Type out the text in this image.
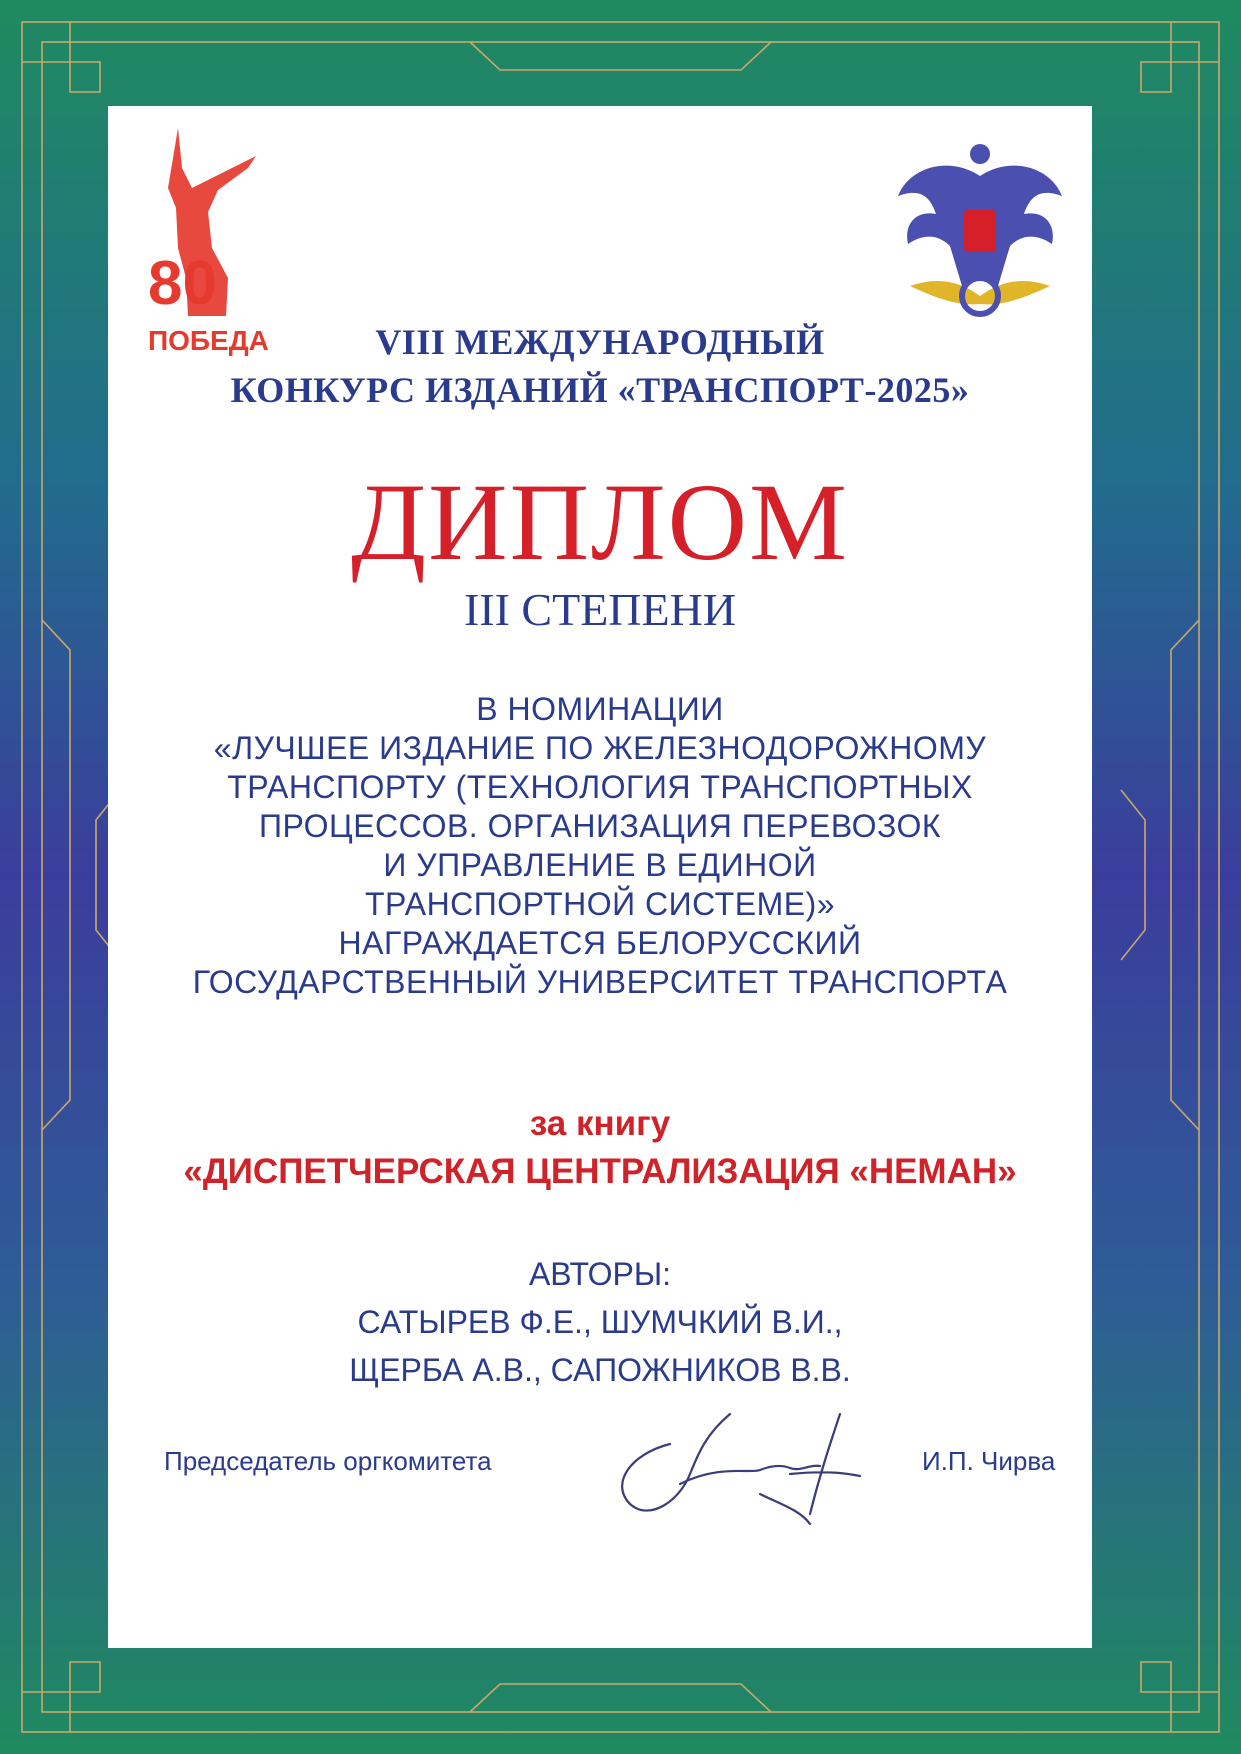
80
ПОБЕДА!	VIII МЕЖДУНАРОДНЫЙ
КОНКУРС ИЗДАНИЙ «ТРАНСПОРТ-2025»
ДИПЛОМ
III СТЕПЕНИ
В НОМИНАЦИИ
«ЛУЧШЕЕ ИЗДАНИЕ ПО ЖЕЛЕЗНОДОРОЖНОМУ
ТРАНСПОРТУ (ТЕХНОЛОГИЯ ТРАНСПОРТНЫХ
ПРОЦЕССОВ. ОРГАНИЗАЦИЯ ПЕРЕВОЗОК
И УПРАВЛЕНИЕ В ЕДИНОЙ
ТРАНСПОРТНОЙ СИСТЕМЕ)»
НАГРАЖДАЕТСЯ БЕЛОРУССКИЙ
ГОСУДАРСТВЕННЫЙ УНИВЕРСИТЕТ ТРАНСПОРТА
за книгу
«ДИСПЕТЧЕРСКАЯ ЦЕНТРАЛИЗАЦИЯ «НЕМАН»
АВТОРЫ:
САТЫРЕВ Ф.Е., ШУМЧКИЙ В.И.,
ЩЕРБА А.В., САПОЖНИКОВ В.В.

Председатель оргкомитета	И.П. Чирва
